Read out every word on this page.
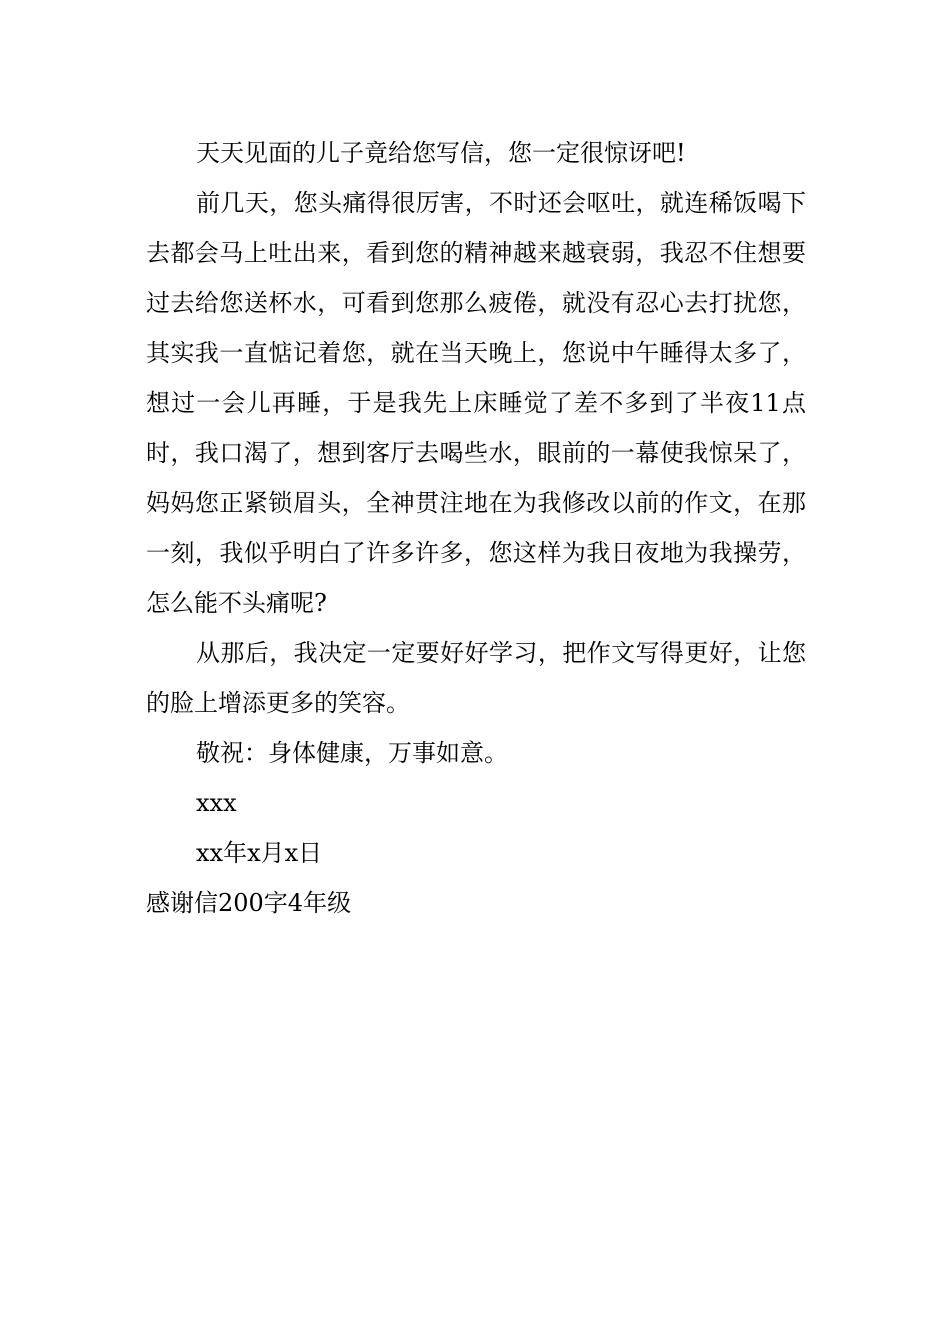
天天见面的儿子竟给您写信，您一定很惊讶吧!

前几天，您头痛得很厉害，不时还会呕吐，就连稀饭喝下去都会马上吐出来，看到您的精神越来越衰弱，我忍不住想要过去给您送杯水，可看到您那么疲倦，就没有忍心去打扰您，其实我一直惦记着您，就在当天晚上，您说中午睡得太多了，想过一会儿再睡，于是我先上床睡觉了差不多到了半夜11点时，我口渴了，想到客厅去喝些水，眼前的一幕使我惊呆了，妈妈您正紧锁眉头，全神贯注地在为我修改以前的作文，在那一刻，我似乎明白了许多许多，您这样为我日夜地为我操劳，怎么能不头痛呢?

从那后，我决定一定要好好学习，把作文写得更好，让您的脸上增添更多的笑容。

敬祝：身体健康，万事如意。

xxx

xx年x月x日

感谢信200字4年级
